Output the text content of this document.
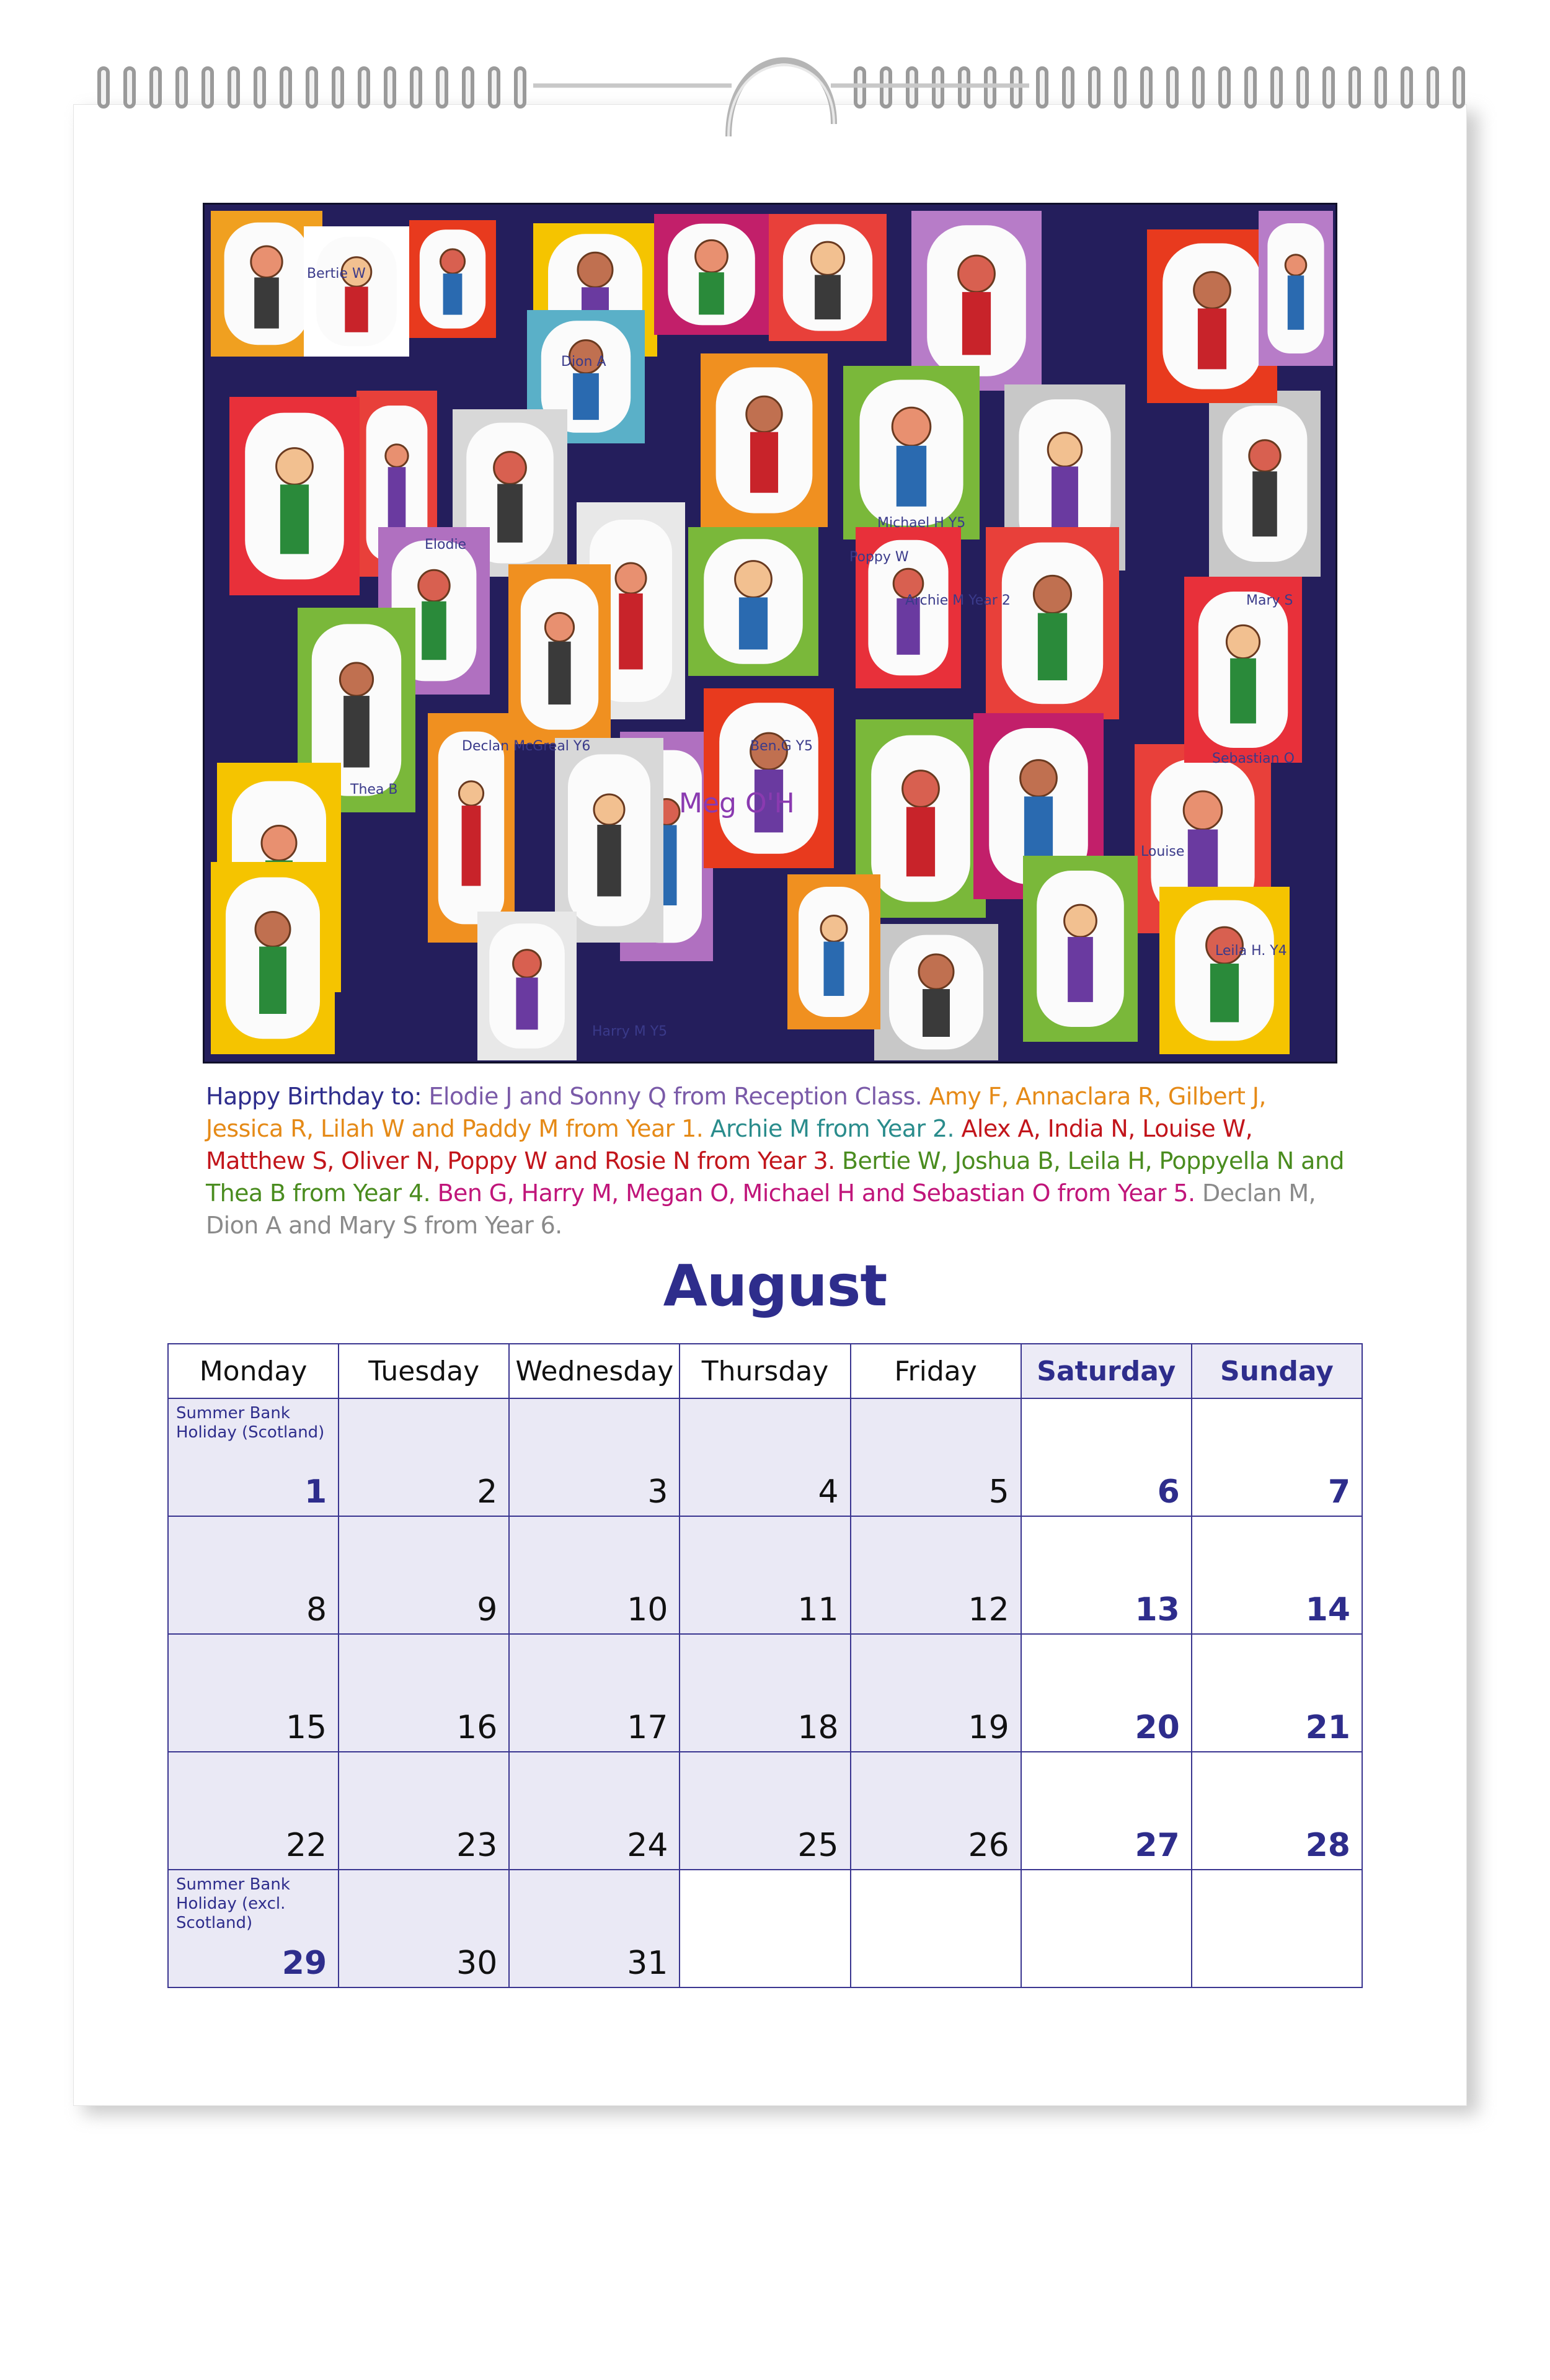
Bertie W
Dion A
Michael H Y5
Poppy W
Declan McGreal Y6	Ben.G Y5
Elodie
Archie M Year 2	Mary S
Thea B	Meg O'H
Sebastian O
Leila H. Y4
Harry M Y5
Louise
Happy Birthday to: Elodie J and Sonny Q from Reception Class. Amy F, Annaclara R, Gilbert J, Jessica R, Lilah W and Paddy M from Year 1. Archie M from Year 2. Alex A, India N, Louise W, Matthew S, Oliver N, Poppy W and Rosie N from Year 3. Bertie W, Joshua B, Leila H, Poppyella N and Thea B from Year 4. Ben G, Harry M, Megan O, Michael H and Sebastian O from Year 5. Declan M, Dion A and Mary S from Year 6.
August
Monday	Tuesday	Wednesday	Thursday	Friday	Saturday	Sunday

Summer Bank Holiday (Scotland)
1	2	3	4	5	6	7

8	9	10	11	12	13	14

15	16	17	18	19	20	21

22	23	24	25	26	27	28

Summer Bank Holiday (excl. Scotland)
29	30	31				
